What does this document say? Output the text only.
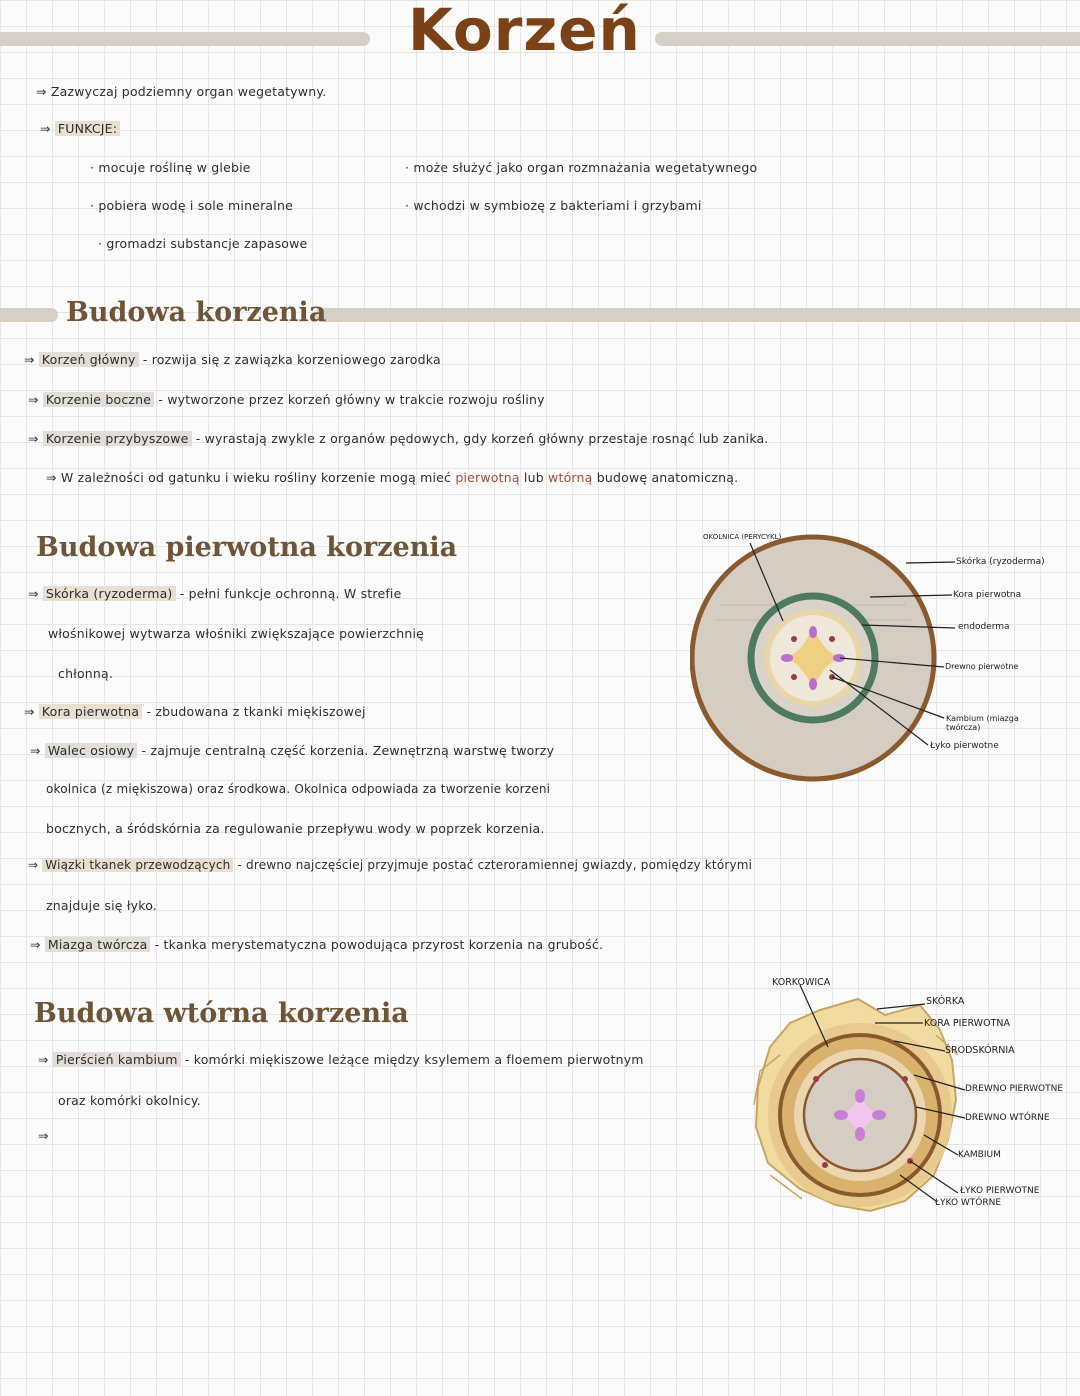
Korzeń
⇒ Zazwyczaj podziemny organ wegetatywny.
⇒ FUNKCJE:
· mocuje roślinę w glebie
· pobiera wodę i sole mineralne
· gromadzi substancje zapasowe
· może służyć jako organ rozmnażania wegetatywnego
· wchodzi w symbiozę z bakteriami i grzybami
Budowa korzenia
⇒ Korzeń główny - rozwija się z zawiązka korzeniowego zarodka
⇒ Korzenie boczne - wytworzone przez korzeń główny w trakcie rozwoju rośliny
⇒ Korzenie przybyszowe - wyrastają zwykle z organów pędowych, gdy korzeń główny przestaje rosnąć lub zanika.
⇒ W zależności od gatunku i wieku rośliny korzenie mogą mieć pierwotną lub wtórną budowę anatomiczną.
Budowa pierwotna korzenia
⇒ Skórka (ryzoderma) - pełni funkcje ochronną. W strefie
włośnikowej wytwarza włośniki zwiększające powierzchnię
chłonną.
⇒ Kora pierwotna - zbudowana z tkanki miękiszowej
⇒ Walec osiowy - zajmuje centralną część korzenia. Zewnętrzną warstwę tworzy
okolnica (z miękiszowa) oraz środkowa. Okolnica odpowiada za tworzenie korzeni
bocznych, a śródskórnia za regulowanie przepływu wody w poprzek korzenia.
⇒ Wiązki tkanek przewodzących - drewno najczęściej przyjmuje postać czteroramiennej gwiazdy, pomiędzy którymi
znajduje się łyko.
⇒ Miazga twórcza - tkanka merystematyczna powodująca przyrost korzenia na grubość.
OKOLNICA (PERYCYKL)
Skórka (ryzoderma)
Kora pierwotna
endoderma
Drewno pierwotne
Kambium (miazga twórcza)
Łyko pierwotne
Budowa wtórna korzenia
⇒ Pierścień kambium - komórki miękiszowe leżące między ksylemem a floemem pierwotnym
oraz komórki okolnicy.
⇒
KORKOWICA
SKÓRKA
KORA PIERWOTNA
ŚRODSKÓRNIA
DREWNO PIERWOTNE
DREWNO WTÓRNE
KAMBIUM
ŁYKO PIERWOTNE
ŁYKO WTÓRNE
